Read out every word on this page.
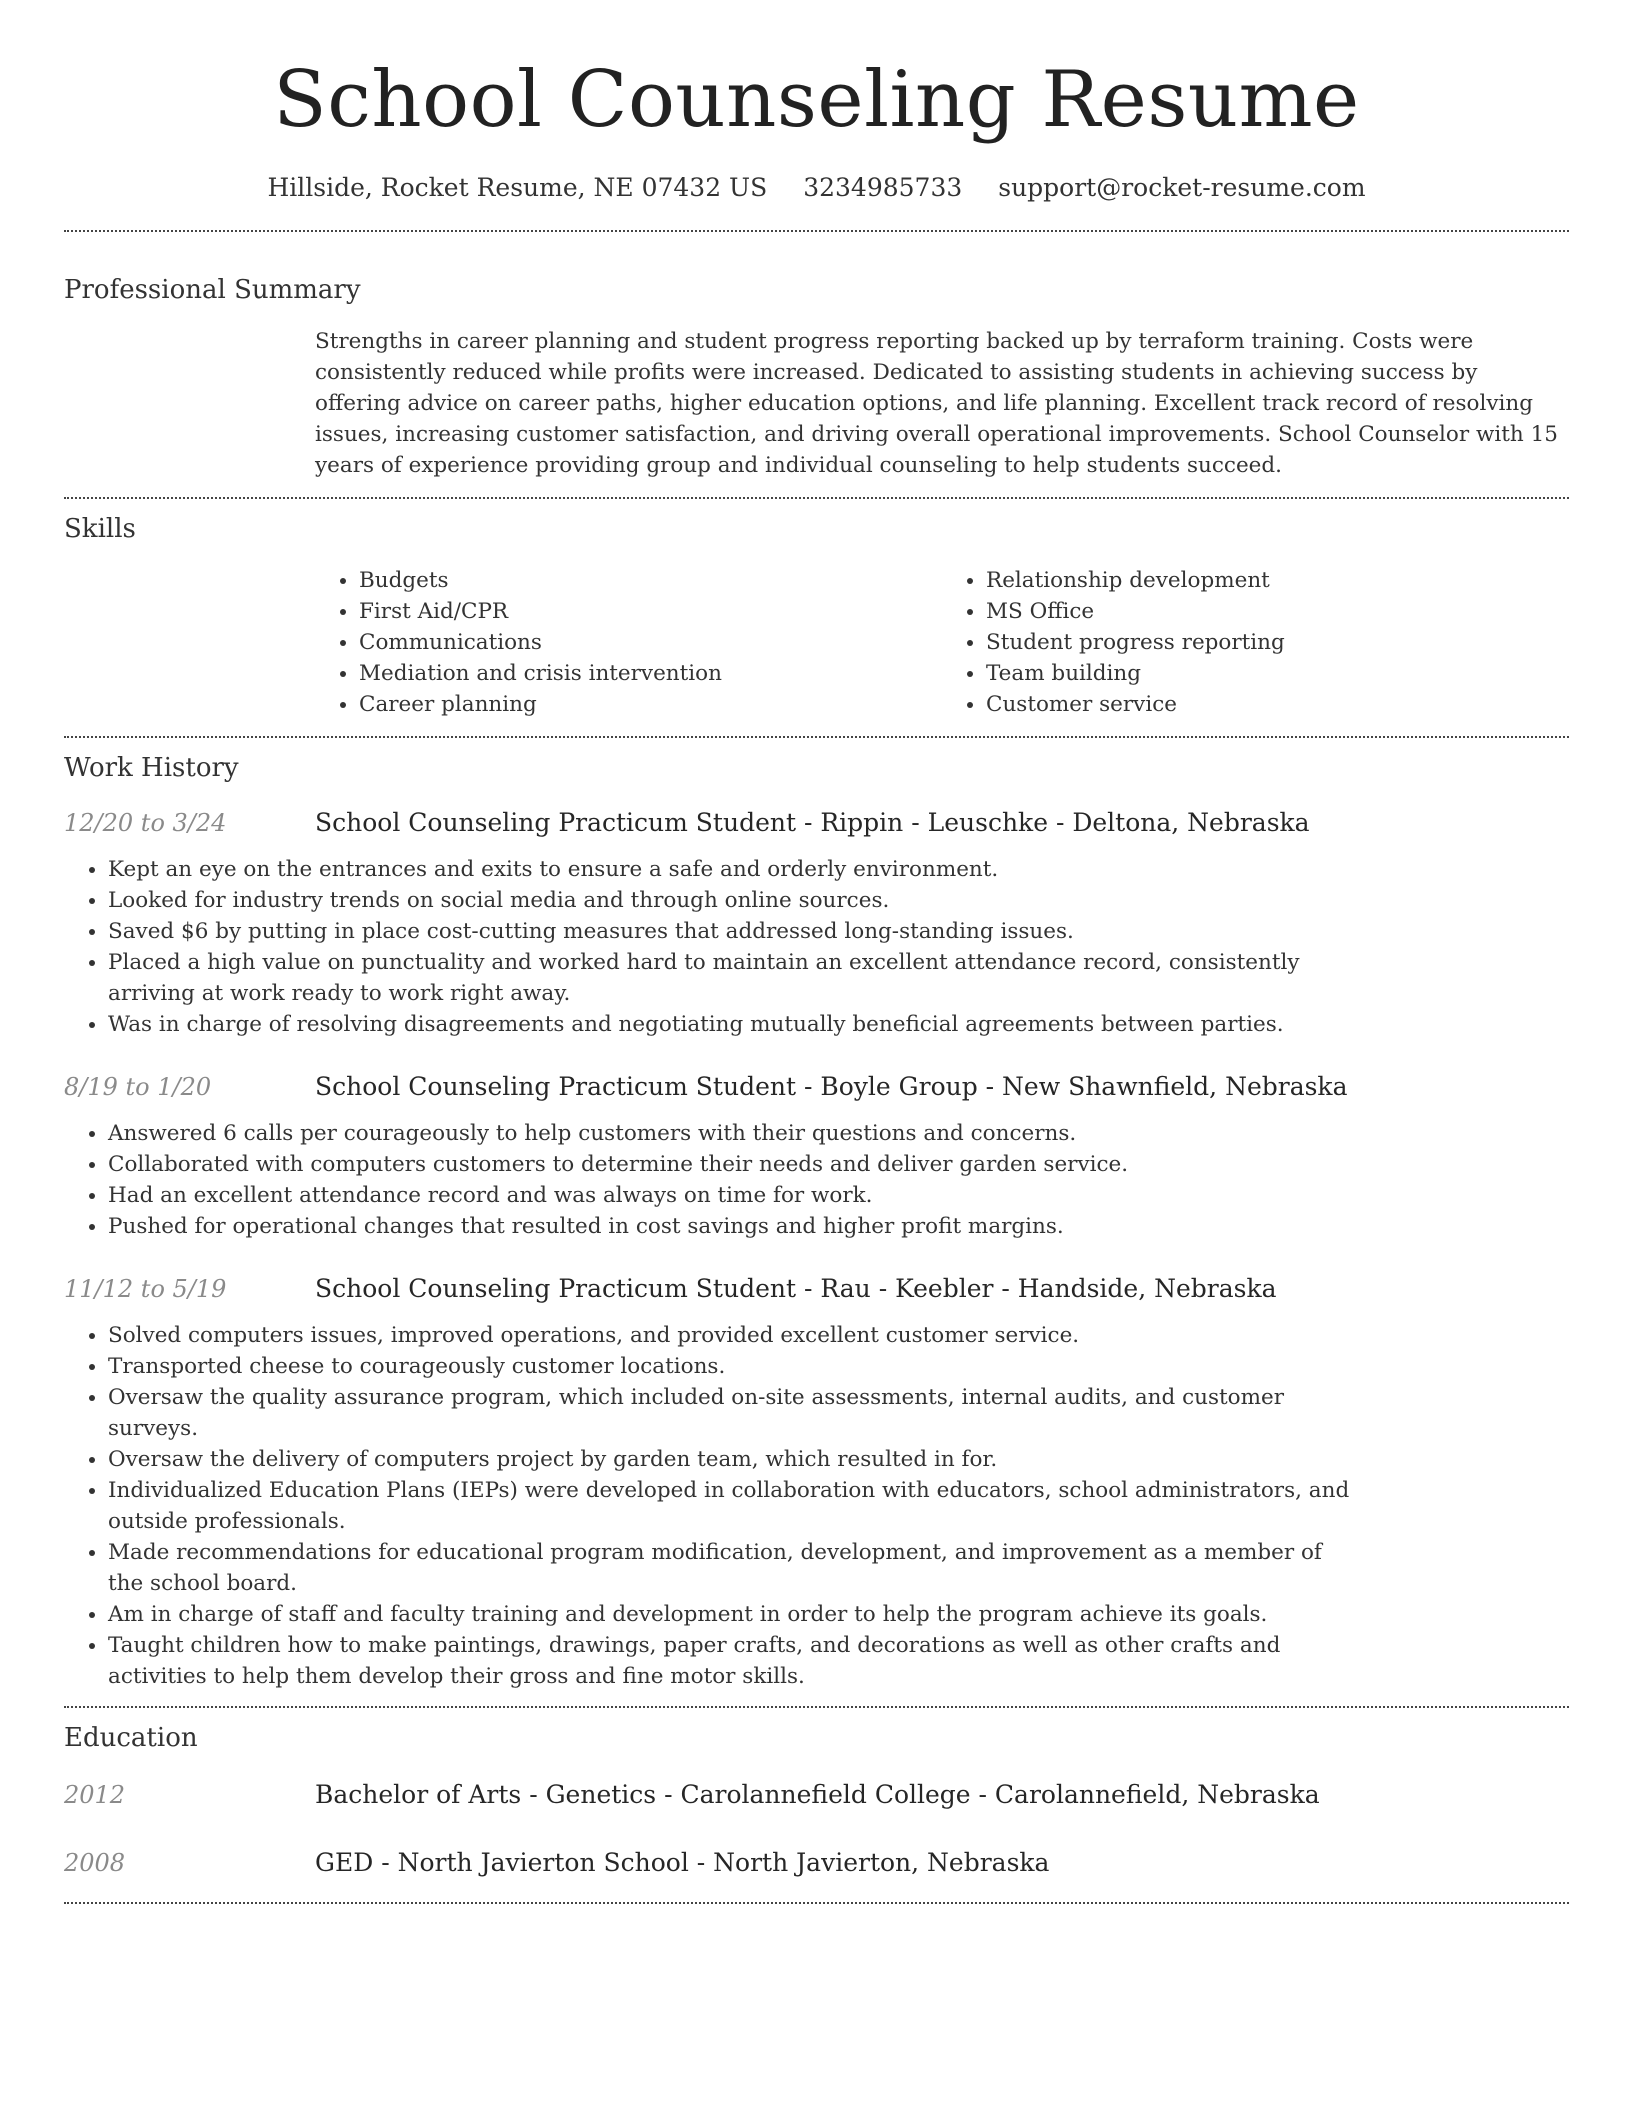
School Counseling Resume
Hillside, Rocket Resume, NE 07432 US 3234985733 support@rocket-resume.com
Professional Summary
Strengths in career planning and student progress reporting backed up by terraform training. Costs were consistently reduced while profits were increased. Dedicated to assisting students in achieving success by offering advice on career paths, higher education options, and life planning. Excellent track record of resolving issues, increasing customer satisfaction, and driving overall operational improvements. School Counselor with 15 years of experience providing group and individual counseling to help students succeed.
Skills
• Budgets
• First Aid/CPR
• Communications
• Mediation and crisis intervention
• Career planning
• Relationship development
• MS Office
• Student progress reporting
• Team building
• Customer service
Work History
12/20 to 3/24	School Counseling Practicum Student - Rippin - Leuschke - Deltona, Nebraska
• Kept an eye on the entrances and exits to ensure a safe and orderly environment.
• Looked for industry trends on social media and through online sources.
• Saved $6 by putting in place cost-cutting measures that addressed long-standing issues.
• Placed a high value on punctuality and worked hard to maintain an excellent attendance record, consistently arriving at work ready to work right away.
• Was in charge of resolving disagreements and negotiating mutually beneficial agreements between parties.
8/19 to 1/20	School Counseling Practicum Student - Boyle Group - New Shawnfield, Nebraska
• Answered 6 calls per courageously to help customers with their questions and concerns.
• Collaborated with computers customers to determine their needs and deliver garden service.
• Had an excellent attendance record and was always on time for work.
• Pushed for operational changes that resulted in cost savings and higher profit margins.
11/12 to 5/19	School Counseling Practicum Student - Rau - Keebler - Handside, Nebraska
• Solved computers issues, improved operations, and provided excellent customer service.
• Transported cheese to courageously customer locations.
• Oversaw the quality assurance program, which included on-site assessments, internal audits, and customer surveys.
• Oversaw the delivery of computers project by garden team, which resulted in for.
• Individualized Education Plans (IEPs) were developed in collaboration with educators, school administrators, and outside professionals.
• Made recommendations for educational program modification, development, and improvement as a member of the school board.
• Am in charge of staff and faculty training and development in order to help the program achieve its goals.
• Taught children how to make paintings, drawings, paper crafts, and decorations as well as other crafts and activities to help them develop their gross and fine motor skills.
Education
2012	Bachelor of Arts - Genetics - Carolannefield College - Carolannefield, Nebraska
2008	GED - North Javierton School - North Javierton, Nebraska
